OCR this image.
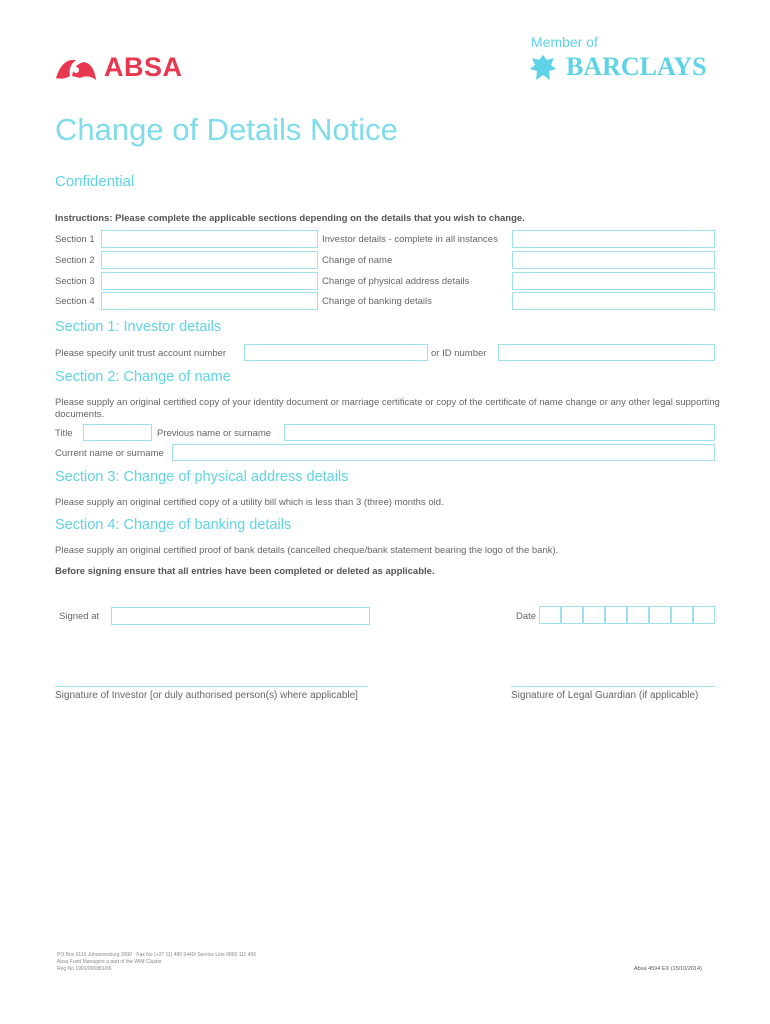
ABSA
Member of
BARCLAYS
Change of Details Notice
Confidential
Instructions: Please complete the applicable sections depending on the details that you wish to change.
Section 1	Investor details - complete in all instances
Section 2	Change of name
Section 3	Change of physical address details
Section 4	Change of banking details
Section 1: Investor details
Please specify unit trust account number	or ID number
Section 2: Change of name
Please supply an original certified copy of your identity document or marriage certificate or copy of the certificate of name change or any other legal supporting documents.
Title	Previous name or surname
Current name or surname
Section 3: Change of physical address details
Please supply an original certified copy of a utility bill which is less than 3 (three) months old.
Section 4: Change of banking details
Please supply an original certified proof of bank details (cancelled cheque/bank statement bearing the logo of the bank).
Before signing ensure that all entries have been completed or deleted as applicable.
Signed at	Date
Signature of Investor [or duly authorised person(s) where applicable]	Signature of Legal Guardian (if applicable)
PO Box 6115 Johannesburg 2000 · Fax No (+27 11) 480 5440/ Service Line 0860 111 456
Absa Fund Managers a part of the WIM Cluster
Reg No 1991/000881/06	Absa 4594 EX (15/10/2014)
